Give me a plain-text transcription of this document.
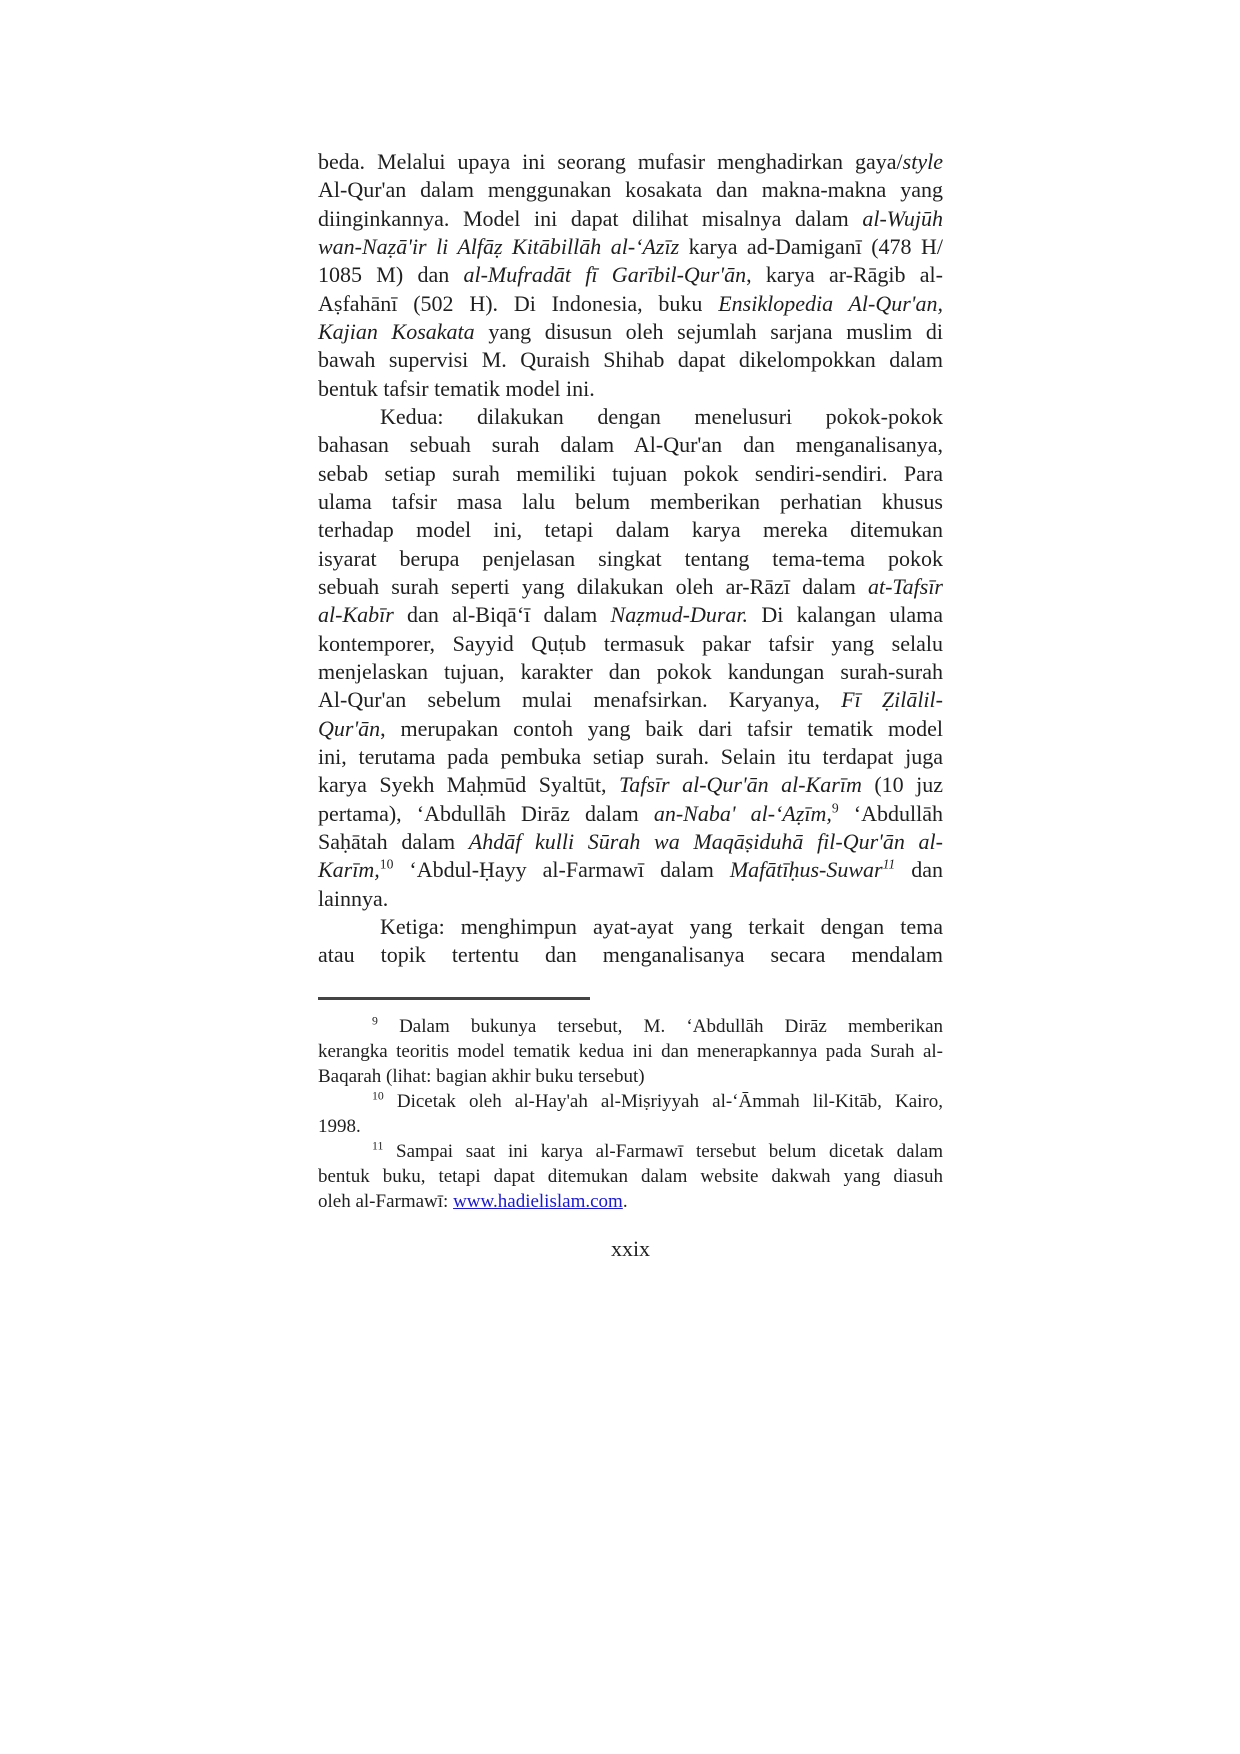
beda. Melalui upaya ini seorang mufasir menghadirkan gaya/style
Al-Qur'an dalam menggunakan kosakata dan makna-makna yang
diinginkannya. Model ini dapat dilihat misalnya dalam al-Wujūh
wan-Naẓā'ir li Alfāẓ Kitābillāh al-‘Azīz karya ad-Damiganī (478 H/
1085 M) dan al-Mufradāt fī Garībil-Qur'ān, karya ar-Rāgib al-
Aṣfahānī (502 H). Di Indonesia, buku Ensiklopedia Al-Qur'an,
Kajian Kosakata yang disusun oleh sejumlah sarjana muslim di
bawah supervisi M. Quraish Shihab dapat dikelompokkan dalam
bentuk tafsir tematik model ini.
Kedua: dilakukan dengan menelusuri pokok-pokok
bahasan sebuah surah dalam Al-Qur'an dan menganalisanya,
sebab setiap surah memiliki tujuan pokok sendiri-sendiri. Para
ulama tafsir masa lalu belum memberikan perhatian khusus
terhadap model ini, tetapi dalam karya mereka ditemukan
isyarat berupa penjelasan singkat tentang tema-tema pokok
sebuah surah seperti yang dilakukan oleh ar-Rāzī dalam at-Tafsīr
al-Kabīr dan al-Biqā‘ī dalam Naẓmud-Durar. Di kalangan ulama
kontemporer, Sayyid Quṭub termasuk pakar tafsir yang selalu
menjelaskan tujuan, karakter dan pokok kandungan surah-surah
Al-Qur'an sebelum mulai menafsirkan. Karyanya, Fī Ẓilālil-
Qur'ān, merupakan contoh yang baik dari tafsir tematik model
ini, terutama pada pembuka setiap surah. Selain itu terdapat juga
karya Syekh Maḥmūd Syaltūt, Tafsīr al-Qur'ān al-Karīm (10 juz
pertama), ‘Abdullāh Dirāz dalam an-Naba' al-‘Aẓīm,$^9$ ‘Abdullāh
Saḥātah dalam Ahdāf kulli Sūrah wa Maqāṣiduhā fil-Qur'ān al-
Karīm,$^{10}$ ‘Abdul-Ḥayy al-Farmawī dalam Mafātīḥus-Suwar$^{11}$ dan
lainnya.
Ketiga: menghimpun ayat-ayat yang terkait dengan tema
atau topik tertentu dan menganalisanya secara mendalam
$^9$ Dalam bukunya tersebut, M. ‘Abdullāh Dirāz memberikan
kerangka teoritis model tematik kedua ini dan menerapkannya pada Surah al-
Baqarah (lihat: bagian akhir buku tersebut)
$^{10}$ Dicetak oleh al-Hay'ah al-Miṣriyyah al-‘Āmmah lil-Kitāb, Kairo,
1998.
$^{11}$ Sampai saat ini karya al-Farmawī tersebut belum dicetak dalam
bentuk buku, tetapi dapat ditemukan dalam website dakwah yang diasuh
oleh al-Farmawī: www.hadielislam.com.
xxix
